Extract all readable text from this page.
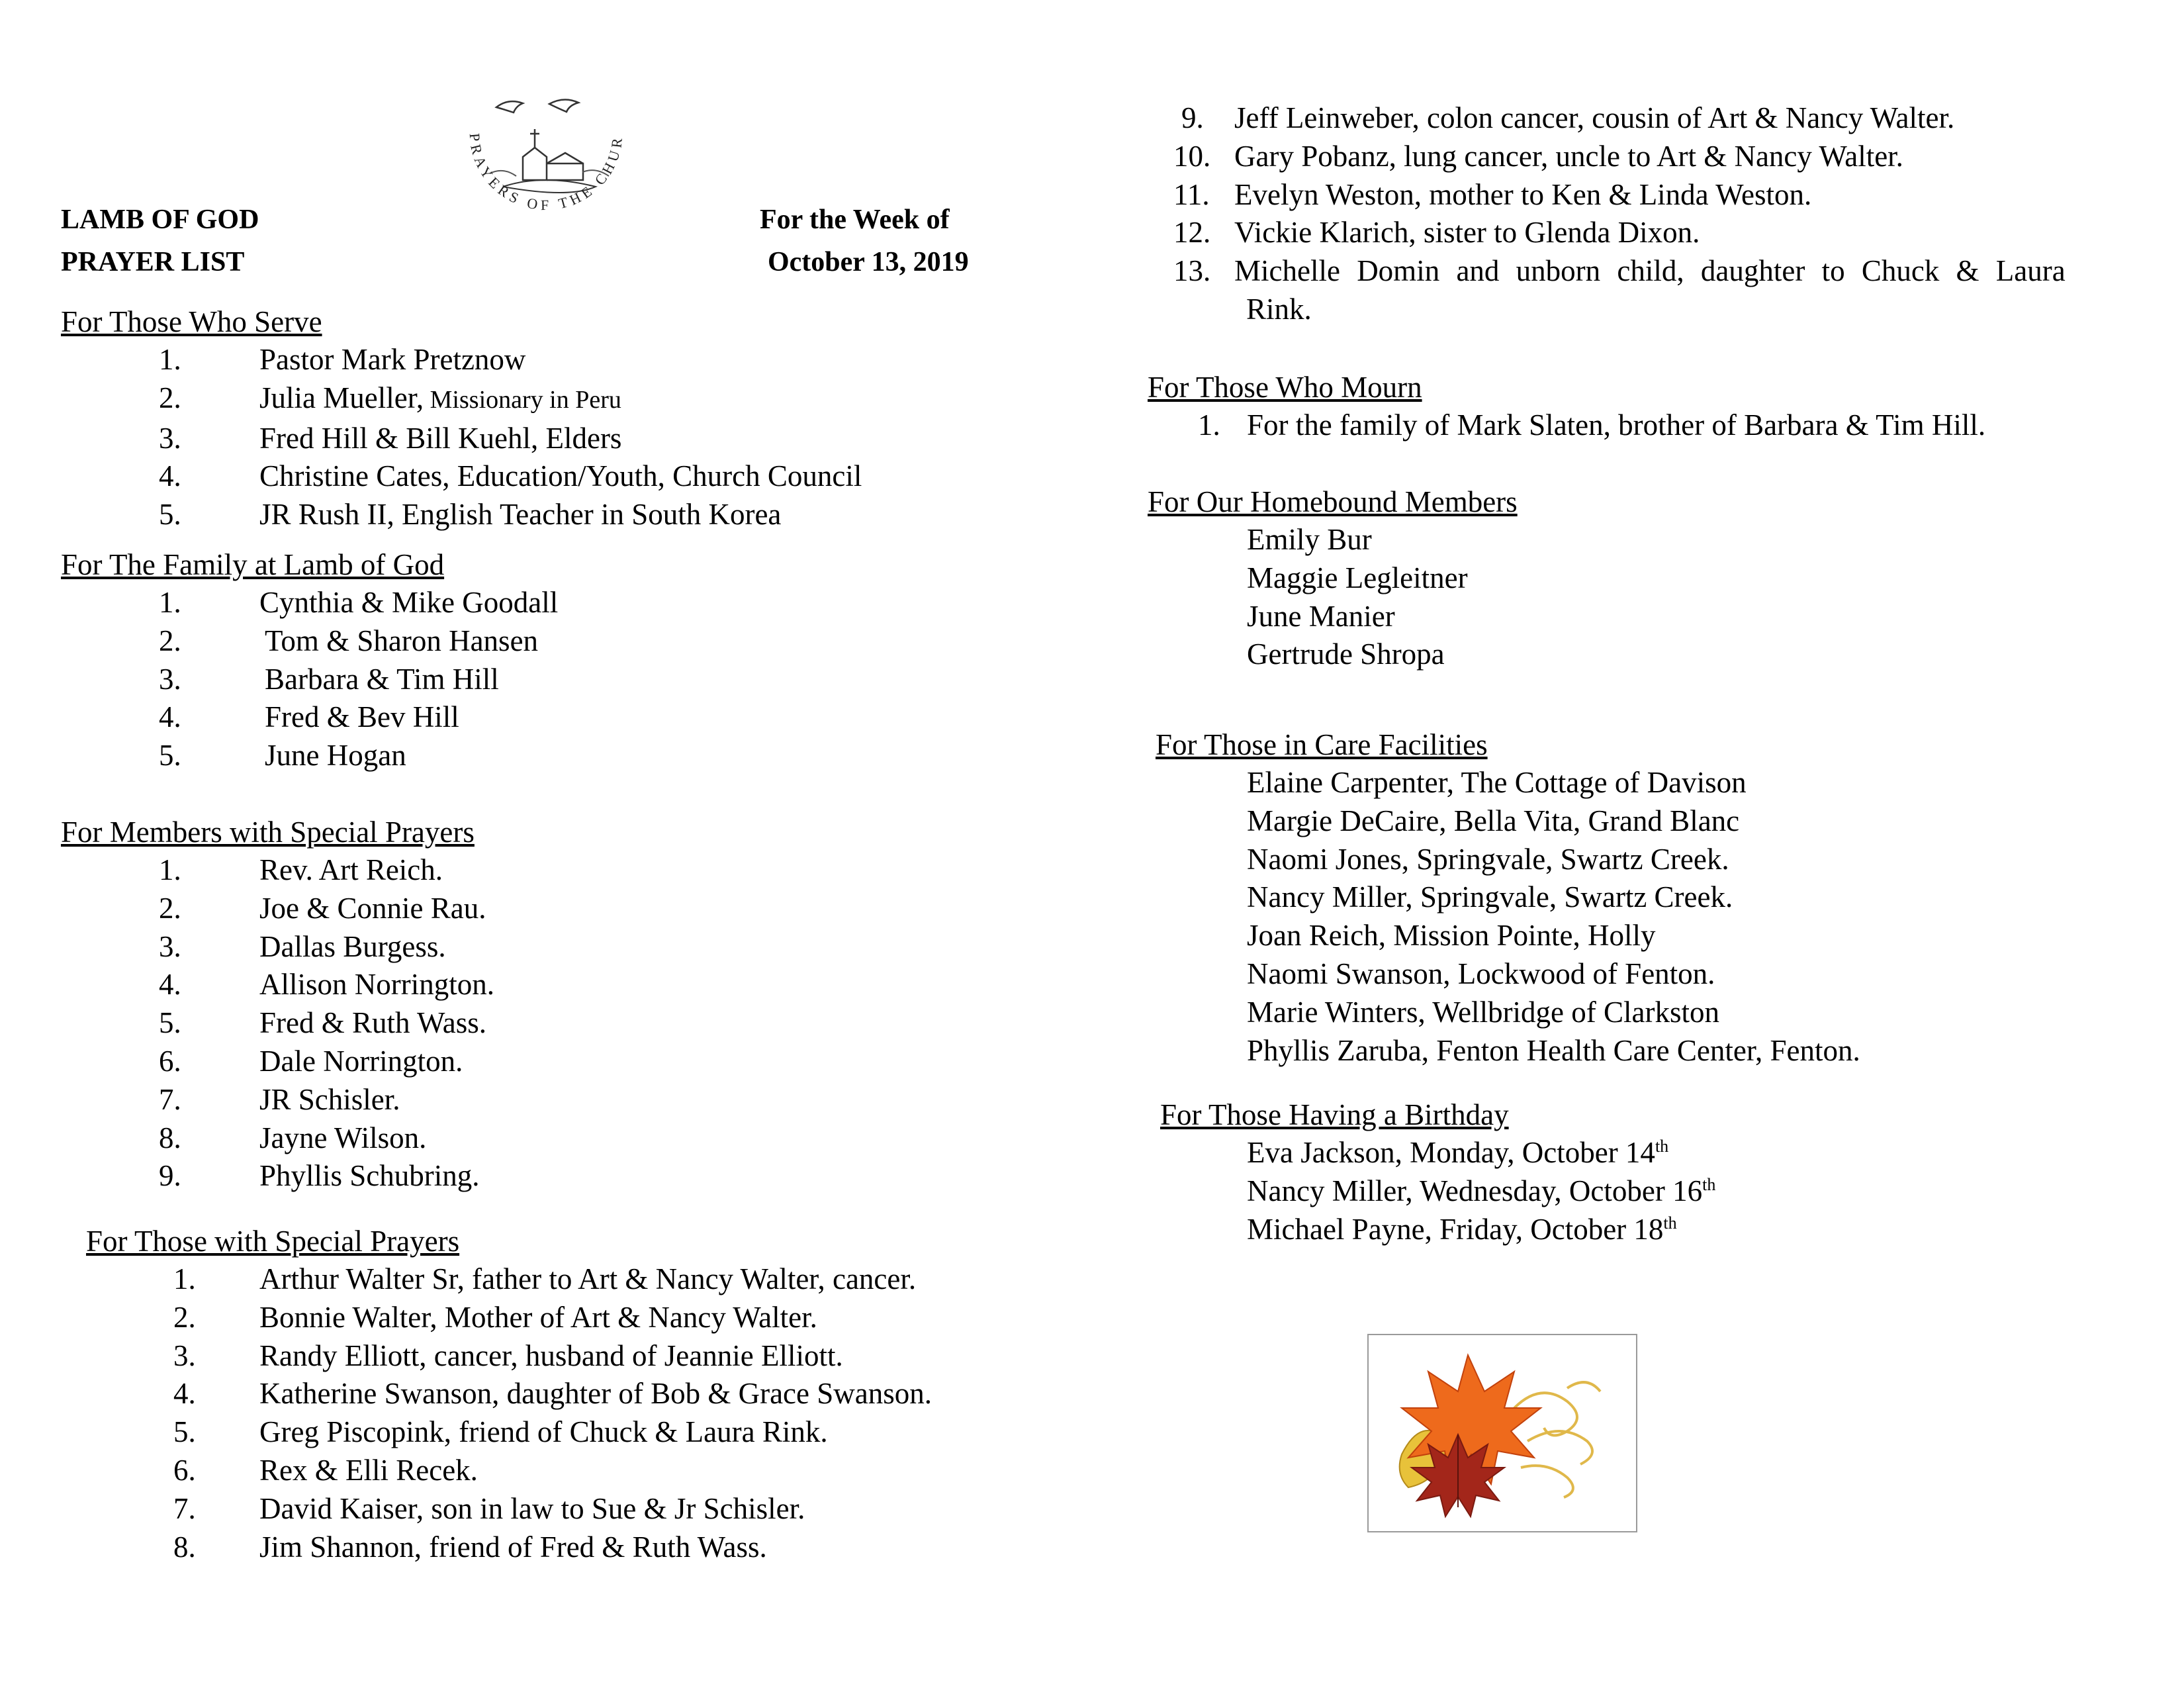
LAMB OF GOD
PRAYER LIST
PRAYERS OF THE CHUR
For the Week of
October 13, 2019
For Those Who Serve
1.	Pastor Mark Pretznow
2.	Julia Mueller, Missionary in Peru
3.	Fred Hill & Bill Kuehl, Elders
4.	Christine Cates, Education/Youth, Church Council
5.	JR Rush II, English Teacher in South Korea
For The Family at Lamb of God
1.	Cynthia & Mike Goodall
2.	Tom & Sharon Hansen
3.	Barbara & Tim Hill
4.	Fred & Bev Hill
5.	June Hogan
For Members with Special Prayers
1.	Rev. Art Reich.
2.	Joe & Connie Rau.
3.	Dallas Burgess.
4.	Allison Norrington.
5.	Fred & Ruth Wass.
6.	Dale Norrington.
7.	JR Schisler.
8.	Jayne Wilson.
9.	Phyllis Schubring.
For Those with Special Prayers
1. Arthur Walter Sr, father to Art & Nancy Walter, cancer.
2. Bonnie Walter, Mother of Art & Nancy Walter.
3. Randy Elliott, cancer, husband of Jeannie Elliott.
4. Katherine Swanson, daughter of Bob & Grace Swanson.
5. Greg Piscopink, friend of Chuck & Laura Rink.
6. Rex & Elli Recek.
7. David Kaiser, son in law to Sue & Jr Schisler.
8. Jim Shannon, friend of Fred & Ruth Wass.
9. Jeff Leinweber, colon cancer, cousin of Art & Nancy Walter.
10. Gary Pobanz, lung cancer, uncle to Art & Nancy Walter.
11. Evelyn Weston, mother to Ken & Linda Weston.
12. Vickie Klarich, sister to Glenda Dixon.
13. Michelle Domin and unborn child, daughter to Chuck & Laura
Rink.
For Those Who Mourn
1. For the family of Mark Slaten, brother of Barbara & Tim Hill.
For Our Homebound Members
Emily Bur
Maggie Legleitner
June Manier
Gertrude Shropa
For Those in Care Facilities
Elaine Carpenter, The Cottage of Davison
Margie DeCaire, Bella Vita, Grand Blanc
Naomi Jones, Springvale, Swartz Creek.
Nancy Miller, Springvale, Swartz Creek.
Joan Reich, Mission Pointe, Holly
Naomi Swanson, Lockwood of Fenton.
Marie Winters, Wellbridge of Clarkston
Phyllis Zaruba, Fenton Health Care Center, Fenton.
For Those Having a Birthday
Eva Jackson, Monday, October 14th
Nancy Miller, Wednesday, October 16th
Michael Payne, Friday, October 18th
